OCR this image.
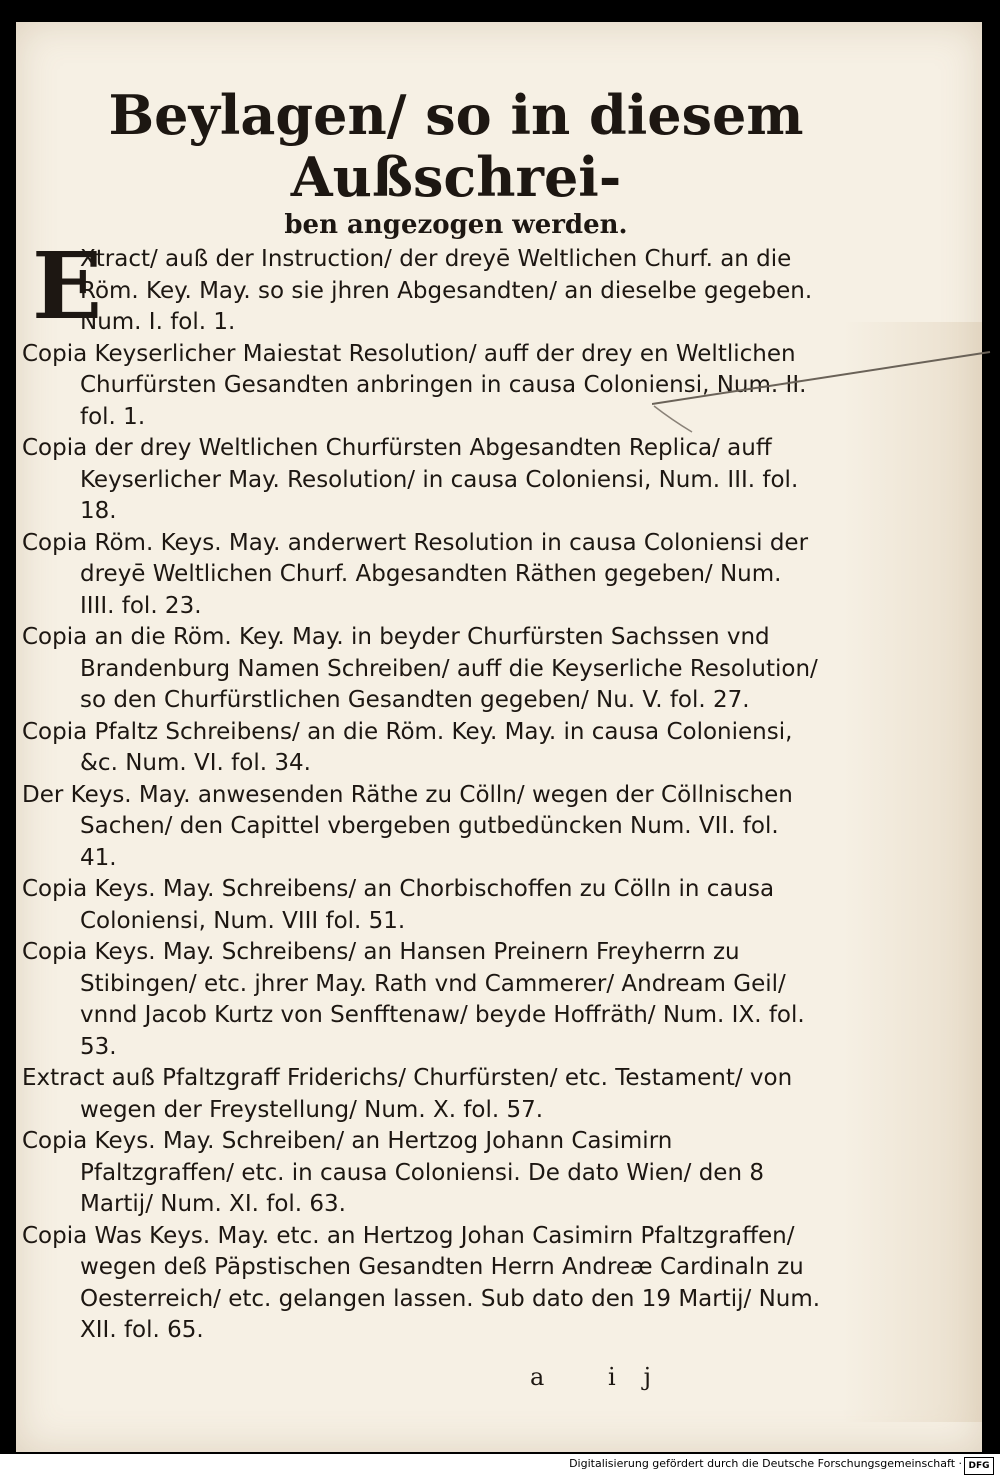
Beylagen/ so in diesem Außschrei-
ben angezogen werden.

E
Xtract/ auß der Instruction/ der dreyē Weltlichen Churf. an die Röm. Key. May. so sie jhren Abgesandten/ an dieselbe gegeben. Num. I. fol. 1.

Copia Keyserlicher Maiestat Resolution/ auff der drey en Weltlichen Churfürsten Gesandten anbringen in causa Coloniensi, Num. II. fol. 1.

Copia der drey Weltlichen Churfürsten Abgesandten Replica/ auff Keyserlicher May. Resolution/ in causa Coloniensi, Num. III. fol. 18.

Copia Röm. Keys. May. anderwert Resolution in causa Coloniensi der dreyē Weltlichen Churf. Abgesandten Räthen gegeben/ Num. IIII. fol. 23.

Copia an die Röm. Key. May. in beyder Churfürsten Sachssen vnd Brandenburg Namen Schreiben/ auff die Keyserliche Resolution/ so den Churfürstlichen Gesandten gegeben/ Nu. V. fol. 27.

Copia Pfaltz Schreibens/ an die Röm. Key. May. in causa Coloniensi, &c. Num. VI. fol. 34.

Der Keys. May. anwesenden Räthe zu Cölln/ wegen der Cöllnischen Sachen/ den Capittel vbergeben gutbedüncken Num. VII. fol. 41.

Copia Keys. May. Schreibens/ an Chorbischoffen zu Cölln in causa Coloniensi, Num. VIII fol. 51.

Copia Keys. May. Schreibens/ an Hansen Preinern Freyherrn zu Stibingen/ etc. jhrer May. Rath vnd Cammerer/ Andream Geil/ vnnd Jacob Kurtz von Senfftenaw/ beyde Hoffräth/ Num. IX. fol. 53.

Extract auß Pfaltzgraff Friderichs/ Churfürsten/ etc. Testament/ von wegen der Freystellung/ Num. X. fol. 57.

Copia Keys. May. Schreiben/ an Hertzog Johann Casimirn Pfaltzgraffen/ etc. in causa Coloniensi. De dato Wien/ den 8 Martij/ Num. XI. fol. 63.

Copia Was Keys. May. etc. an Hertzog Johan Casimirn Pfaltzgraffen/ wegen deß Päpstischen Gesandten Herrn Andreæ Cardinaln zu Oesterreich/ etc. gelangen lassen. Sub dato den 19 Martij/ Num. XII. fol. 65.

a ij
Digitalisierung gefördert durch die Deutsche Forschungsgemeinschaft · DFG
